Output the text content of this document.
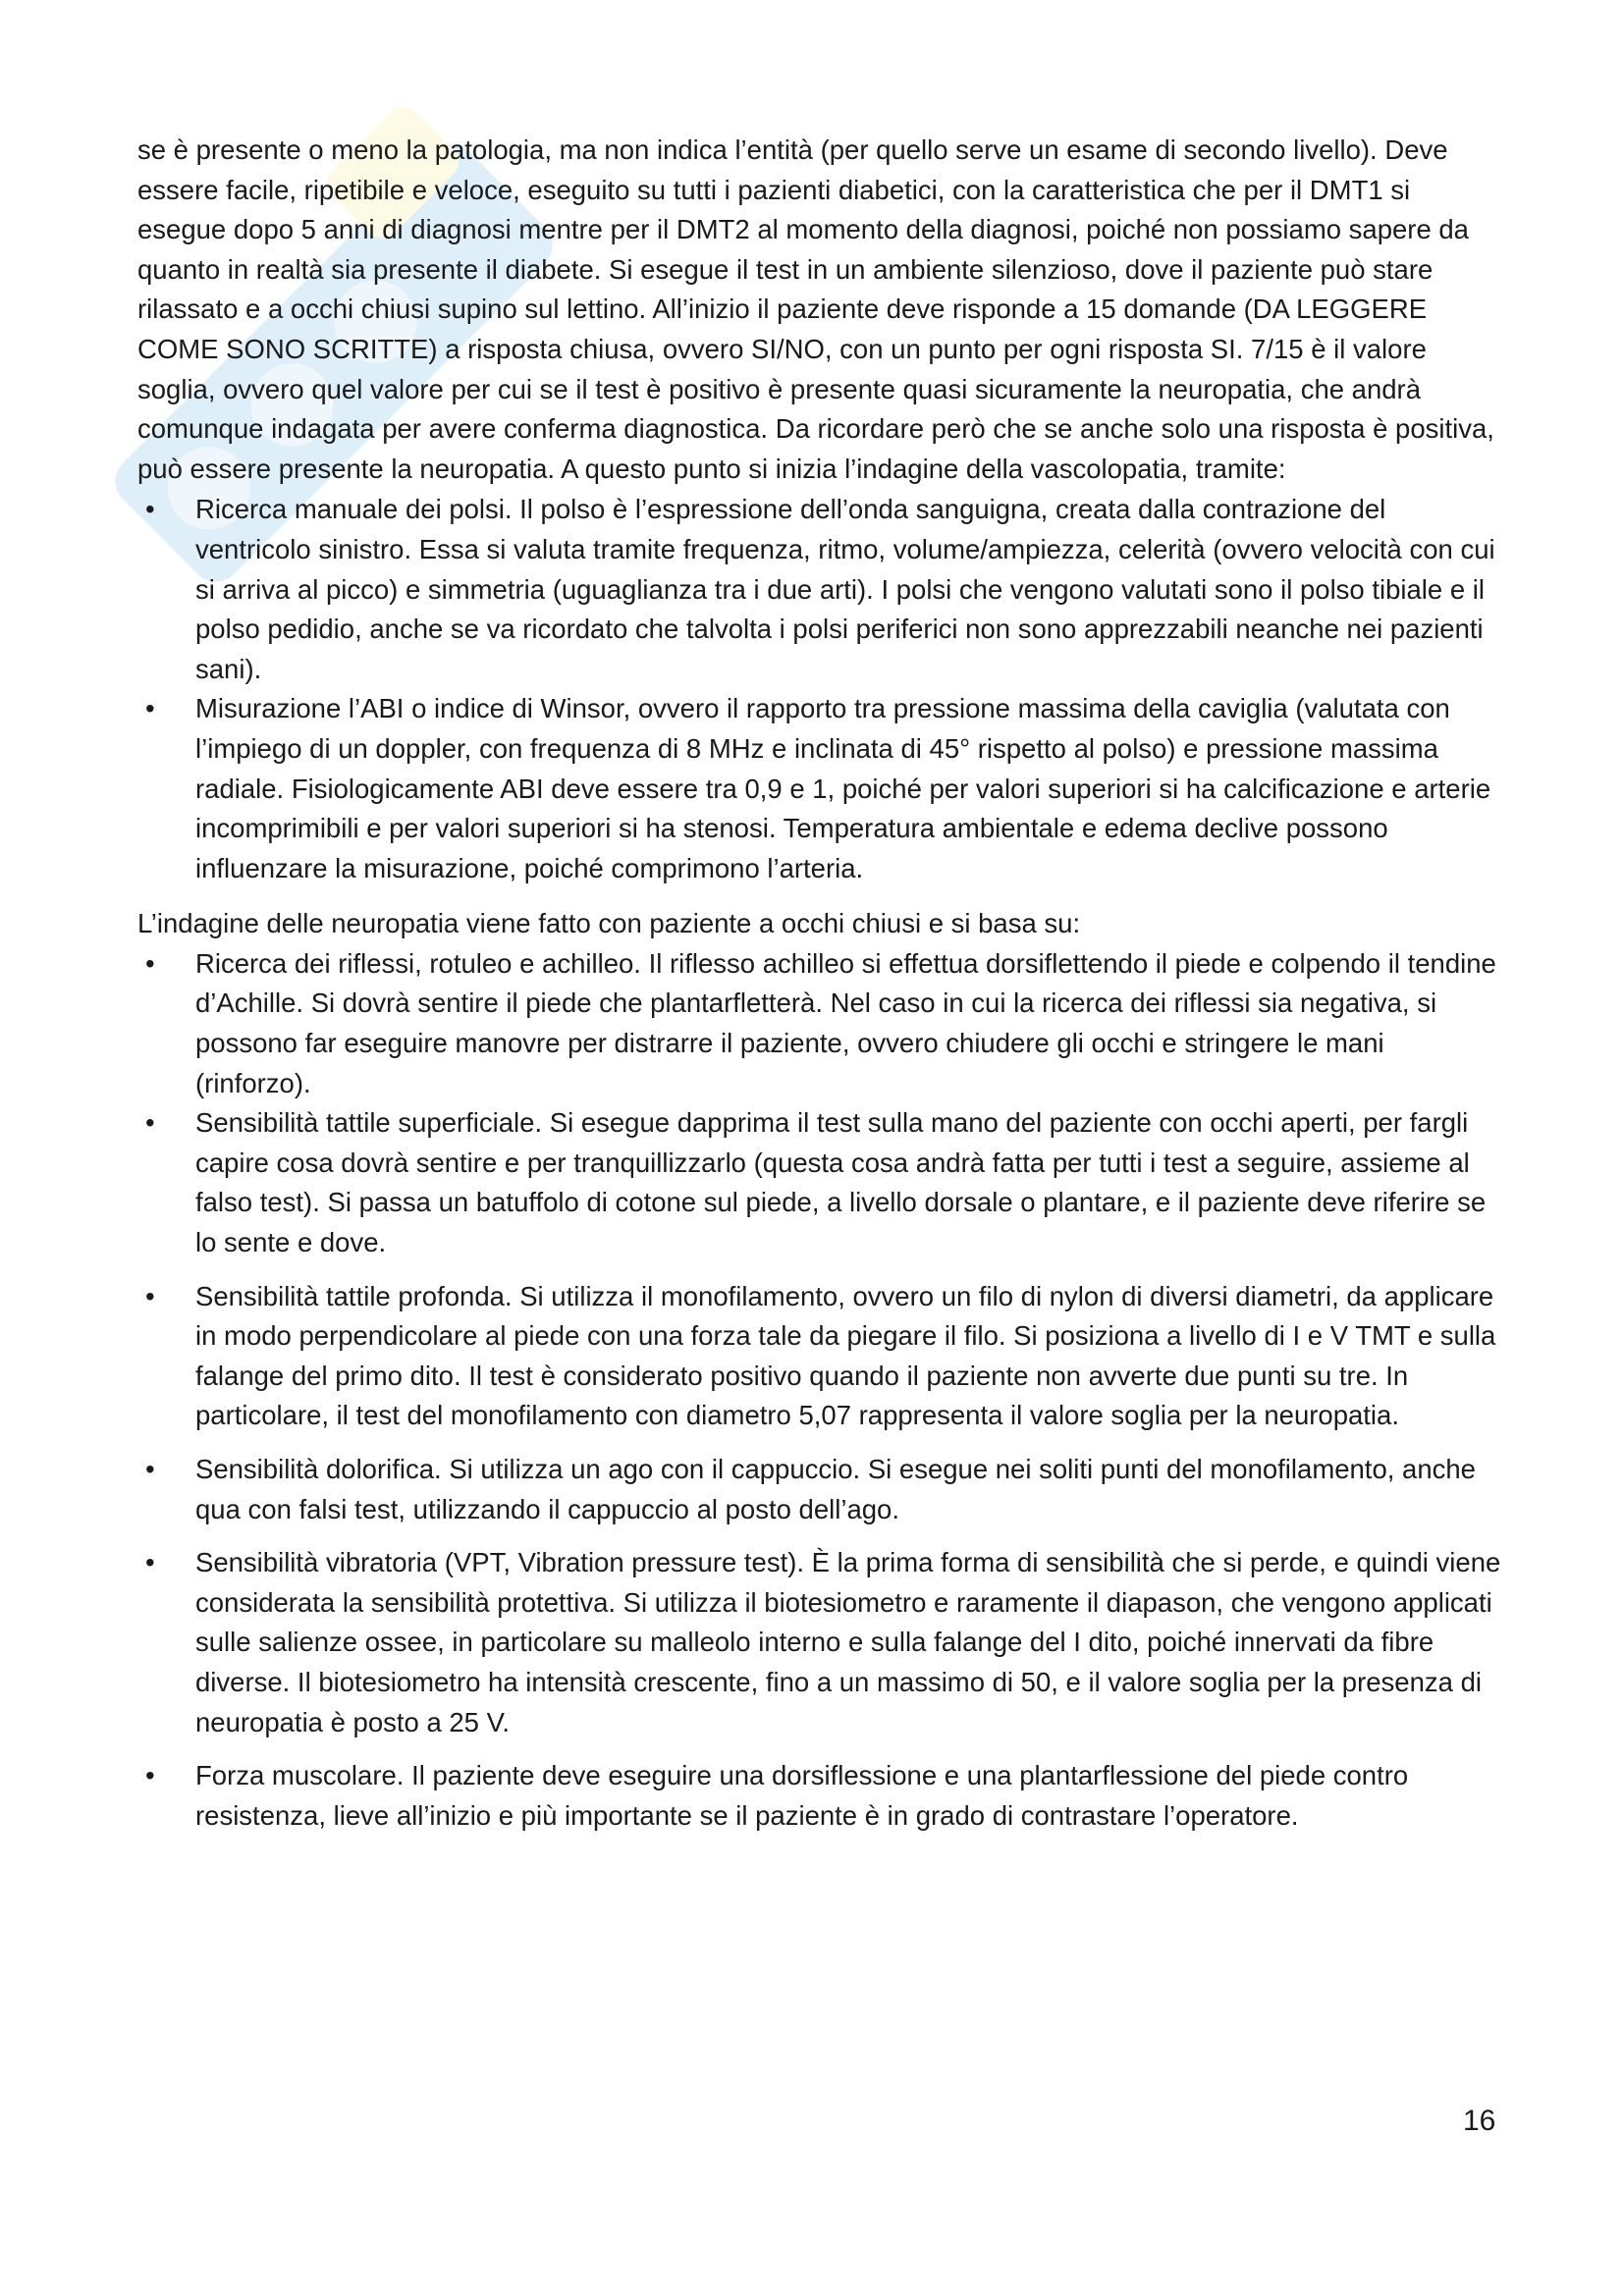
se è presente o meno la patologia, ma non indica l’entità (per quello serve un esame di secondo livello). Deve essere facile, ripetibile e veloce, eseguito su tutti i pazienti diabetici, con la caratteristica che per il DMT1 si esegue dopo 5 anni di diagnosi mentre per il DMT2 al momento della diagnosi, poiché non possiamo sapere da quanto in realtà sia presente il diabete. Si esegue il test in un ambiente silenzioso, dove il paziente può stare rilassato e a occhi chiusi supino sul lettino. All’inizio il paziente deve risponde a 15 domande (DA LEGGERE COME SONO SCRITTE) a risposta chiusa, ovvero SI/NO, con un punto per ogni risposta SI. 7/15 è il valore soglia, ovvero quel valore per cui se il test è positivo è presente quasi sicuramente la neuropatia, che andrà comunque indagata per avere conferma diagnostica. Da ricordare però che se anche solo una risposta è positiva, può essere presente la neuropatia. A questo punto si inizia l’indagine della vascolopatia, tramite:

• Ricerca manuale dei polsi. Il polso è l’espressione dell’onda sanguigna, creata dalla contrazione del ventricolo sinistro. Essa si valuta tramite frequenza, ritmo, volume/ampiezza, celerità (ovvero velocità con cui si arriva al picco) e simmetria (uguaglianza tra i due arti). I polsi che vengono valutati sono il polso tibiale e il polso pedidio, anche se va ricordato che talvolta i polsi periferici non sono apprezzabili neanche nei pazienti sani).
• Misurazione l’ABI o indice di Winsor, ovvero il rapporto tra pressione massima della caviglia (valutata con l’impiego di un doppler, con frequenza di 8 MHz e inclinata di 45° rispetto al polso) e pressione massima radiale. Fisiologicamente ABI deve essere tra 0,9 e 1, poiché per valori superiori si ha calcificazione e arterie incomprimibili e per valori superiori si ha stenosi. Temperatura ambientale e edema declive possono influenzare la misurazione, poiché comprimono l’arteria.

L’indagine delle neuropatia viene fatto con paziente a occhi chiusi e si basa su:

• Ricerca dei riflessi, rotuleo e achilleo. Il riflesso achilleo si effettua dorsiflettendo il piede e colpendo il tendine d’Achille. Si dovrà sentire il piede che plantarfletterà. Nel caso in cui la ricerca dei riflessi sia negativa, si possono far eseguire manovre per distrarre il paziente, ovvero chiudere gli occhi e stringere le mani (rinforzo).
• Sensibilità tattile superficiale. Si esegue dapprima il test sulla mano del paziente con occhi aperti, per fargli capire cosa dovrà sentire e per tranquillizzarlo (questa cosa andrà fatta per tutti i test a seguire, assieme al falso test). Si passa un batuffolo di cotone sul piede, a livello dorsale o plantare, e il paziente deve riferire se lo sente e dove.
• Sensibilità tattile profonda. Si utilizza il monofilamento, ovvero un filo di nylon di diversi diametri, da applicare in modo perpendicolare al piede con una forza tale da piegare il filo. Si posiziona a livello di I e V TMT e sulla falange del primo dito. Il test è considerato positivo quando il paziente non avverte due punti su tre. In particolare, il test del monofilamento con diametro 5,07 rappresenta il valore soglia per la neuropatia.
• Sensibilità dolorifica. Si utilizza un ago con il cappuccio. Si esegue nei soliti punti del monofilamento, anche qua con falsi test, utilizzando il cappuccio al posto dell’ago.
• Sensibilità vibratoria (VPT, Vibration pressure test). È la prima forma di sensibilità che si perde, e quindi viene considerata la sensibilità protettiva. Si utilizza il biotesiometro e raramente il diapason, che vengono applicati sulle salienze ossee, in particolare su malleolo interno e sulla falange del I dito, poiché innervati da fibre diverse. Il biotesiometro ha intensità crescente, fino a un massimo di 50, e il valore soglia per la presenza di neuropatia è posto a 25 V.
• Forza muscolare. Il paziente deve eseguire una dorsiflessione e una plantarflessione del piede contro resistenza, lieve all’inizio e più importante se il paziente è in grado di contrastare l’operatore.
16
